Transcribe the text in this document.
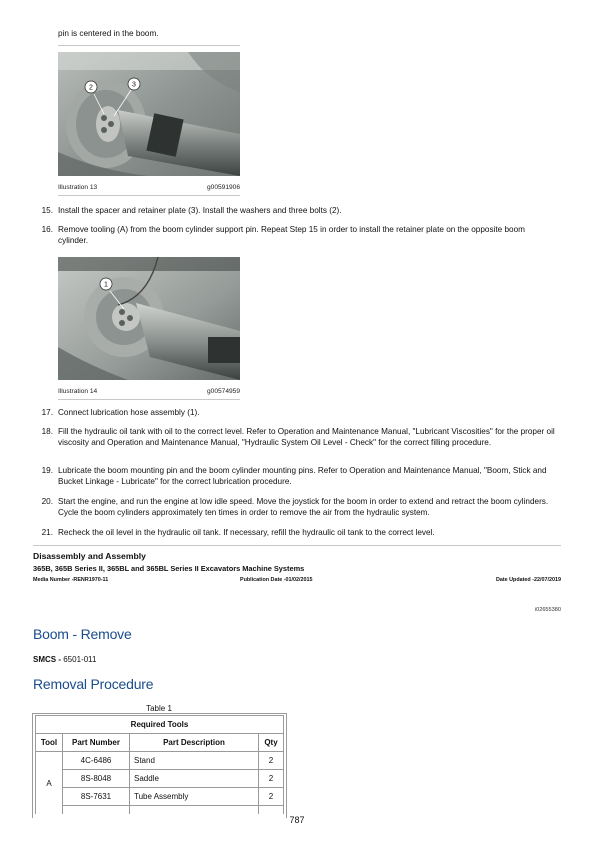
pin is centered in the boom.
2	3
Illustration 13	g00591906
15. Install the spacer and retainer plate (3). Install the washers and three bolts (2).
16. Remove tooling (A) from the boom cylinder support pin. Repeat Step 15 in order to install the retainer plate on the opposite boom cylinder.
1
Illustration 14	g00574959
17. Connect lubrication hose assembly (1).
18. Fill the hydraulic oil tank with oil to the correct level. Refer to Operation and Maintenance Manual, "Lubricant Viscosities" for the proper oil viscosity and Operation and Maintenance Manual, "Hydraulic System Oil Level - Check" for the correct filling procedure.
19. Lubricate the boom mounting pin and the boom cylinder mounting pins. Refer to Operation and Maintenance Manual, "Boom, Stick and Bucket Linkage - Lubricate" for the correct lubrication procedure.
20. Start the engine, and run the engine at low idle speed. Move the joystick for the boom in order to extend and retract the boom cylinders. Cycle the boom cylinders approximately ten times in order to remove the air from the hydraulic system.
21. Recheck the oil level in the hydraulic oil tank. If necessary, refill the hydraulic oil tank to the correct level.
Disassembly and Assembly
365B, 365B Series II, 365BL and 365BL Series II Excavators Machine Systems
Media Number -RENR1970-11	Publication Date -01/02/2015	Date Updated -22/07/2019
i02655380
Boom - Remove
SMCS - 6501-011
Removal Procedure
Table 1
Required Tools			
Tool	Part Number	Part Description	Qty
A	4C-6486	Stand	2
	8S-8048	Saddle	2
	8S-7631	Tube Assembly	2

787
